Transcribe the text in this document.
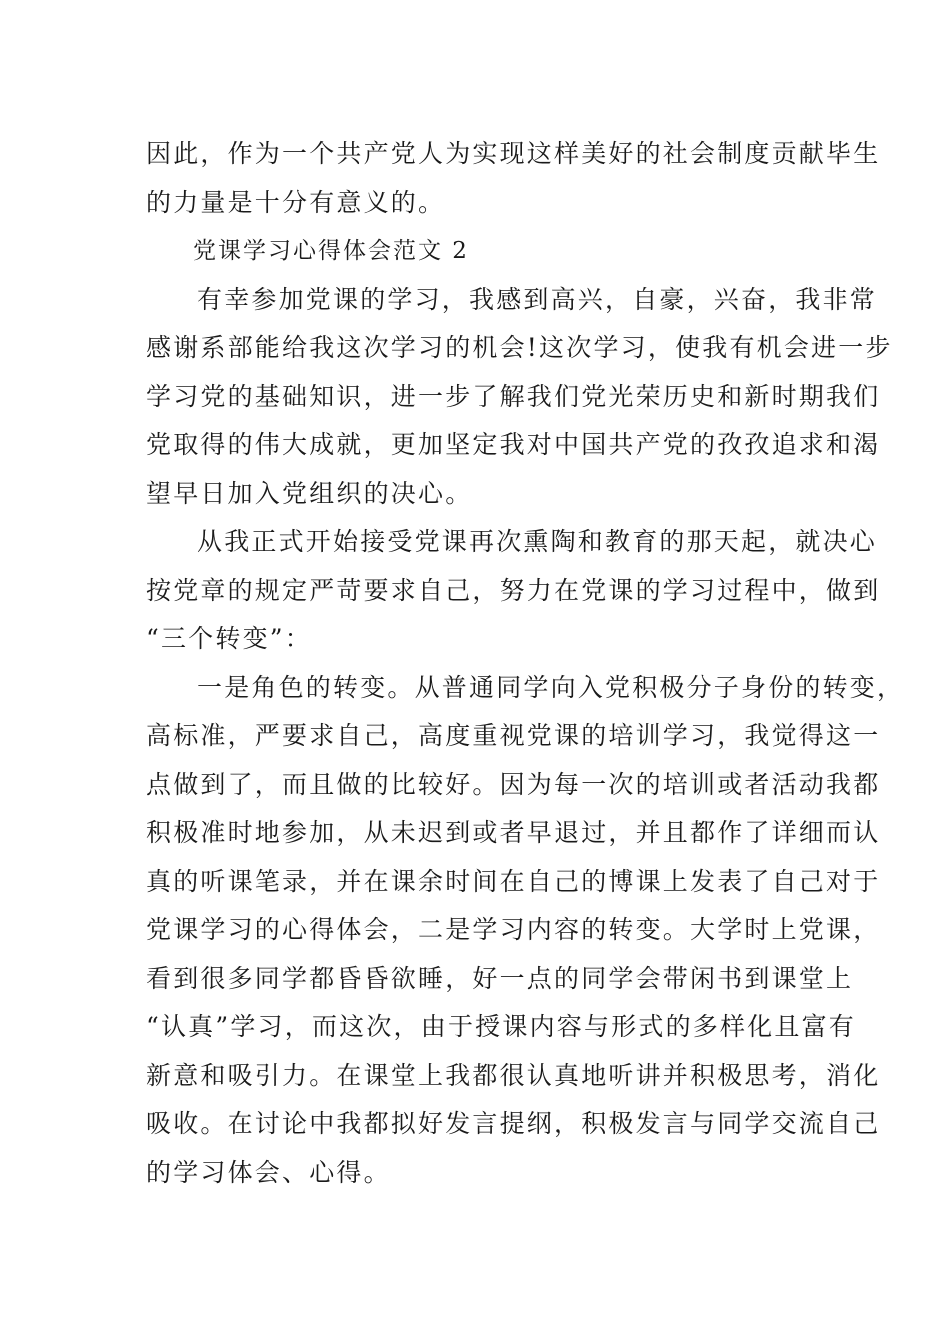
因此，作为一个共产党人为实现这样美好的社会制度贡献毕生
的力量是十分有意义的。
党课学习心得体会范文 2
有幸参加党课的学习，我感到高兴，自豪，兴奋，我非常
感谢系部能给我这次学习的机会!这次学习，使我有机会进一步
学习党的基础知识，进一步了解我们党光荣历史和新时期我们
党取得的伟大成就，更加坚定我对中国共产党的孜孜追求和渴
望早日加入党组织的决心。
从我正式开始接受党课再次熏陶和教育的那天起，就决心
按党章的规定严苛要求自己，努力在党课的学习过程中，做到
“三个转变”：
一是角色的转变。从普通同学向入党积极分子身份的转变，
高标准，严要求自己，高度重视党课的培训学习，我觉得这一
点做到了，而且做的比较好。因为每一次的培训或者活动我都
积极准时地参加，从未迟到或者早退过，并且都作了详细而认
真的听课笔录，并在课余时间在自己的博课上发表了自己对于
党课学习的心得体会，二是学习内容的转变。大学时上党课，
看到很多同学都昏昏欲睡，好一点的同学会带闲书到课堂上
“认真”学习，而这次，由于授课内容与形式的多样化且富有
新意和吸引力。在课堂上我都很认真地听讲并积极思考，消化
吸收。在讨论中我都拟好发言提纲，积极发言与同学交流自己
的学习体会、心得。
